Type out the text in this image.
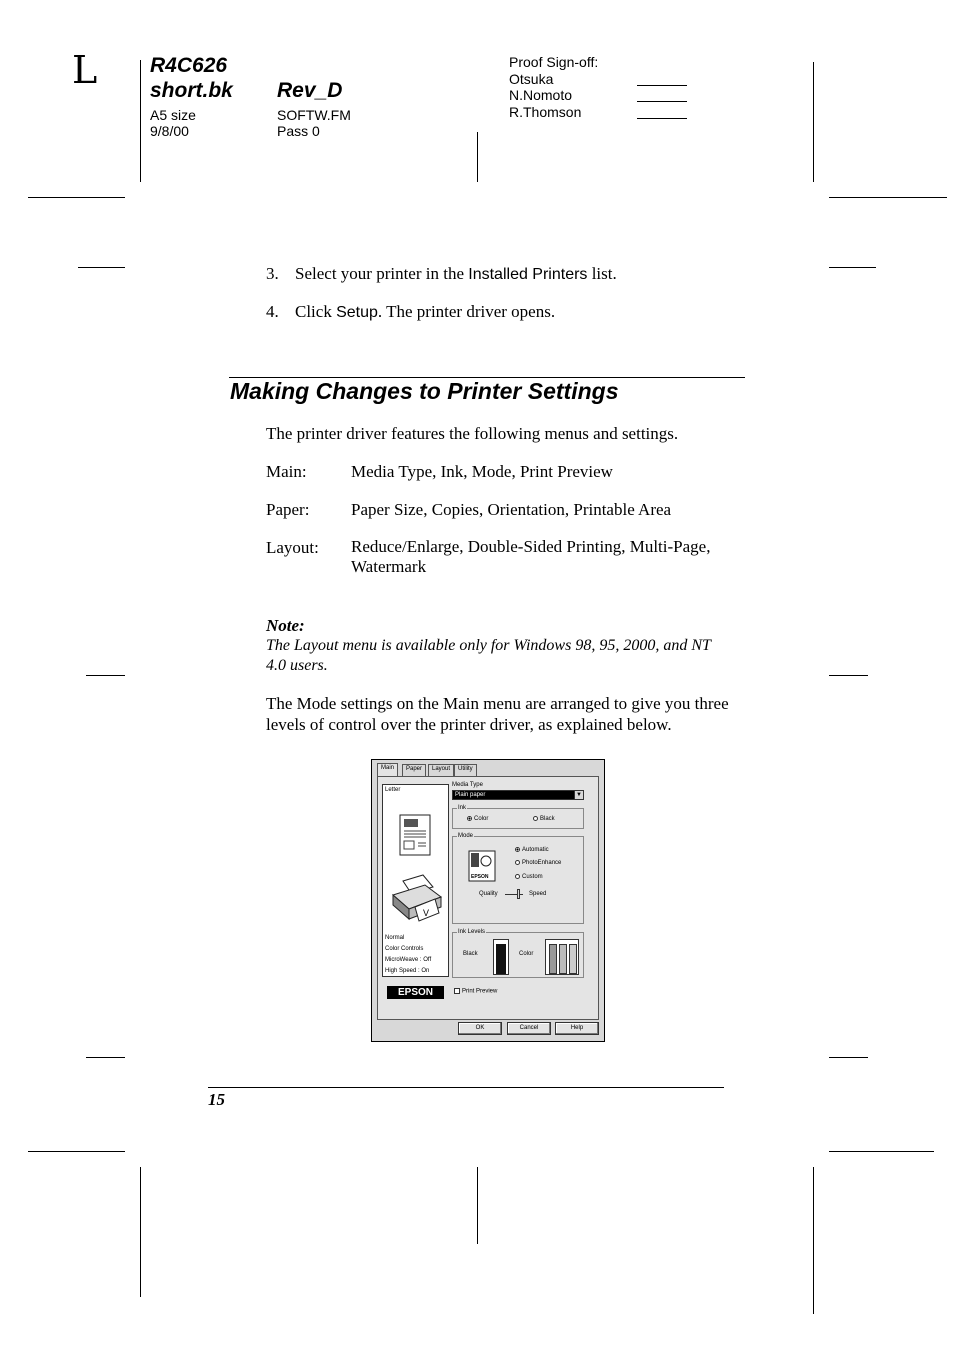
L	R4C626
short.bk Rev_D
A5 size
9/8/00
SOFTW.FM
Pass 0
Proof Sign-off:
Otsuka
N.Nomoto
R.Thomson
3. Select your printer in the Installed Printers list.
4. Click Setup. The printer driver opens.
Making Changes to Printer Settings
The printer driver features the following menus and settings.
Main:	Media Type, Ink, Mode, Print Preview
Paper: Paper Size, Copies, Orientation, Printable Area
Layout: Reduce/Enlarge, Double-Sided Printing, Multi-Page, Watermark
Note:
The Layout menu is available only for Windows 98, 95, 2000, and NT 4.0 users.
The Mode settings on the Main menu are arranged to give you three levels of control over the printer driver, as explained below.
Main	Paper	Layout	Utility
Letter
V
Normal
Color Controls
MicroWeave : Off
High Speed : On
Media Type
Plain paper	▼
Ink
Color	Black
Mode
EPSON
Automatic
PhotoEnhance
Custom
Quality	Speed
Ink Levels
Black	Color
EPSON	Print Preview
OK	Cancel	Help
15
